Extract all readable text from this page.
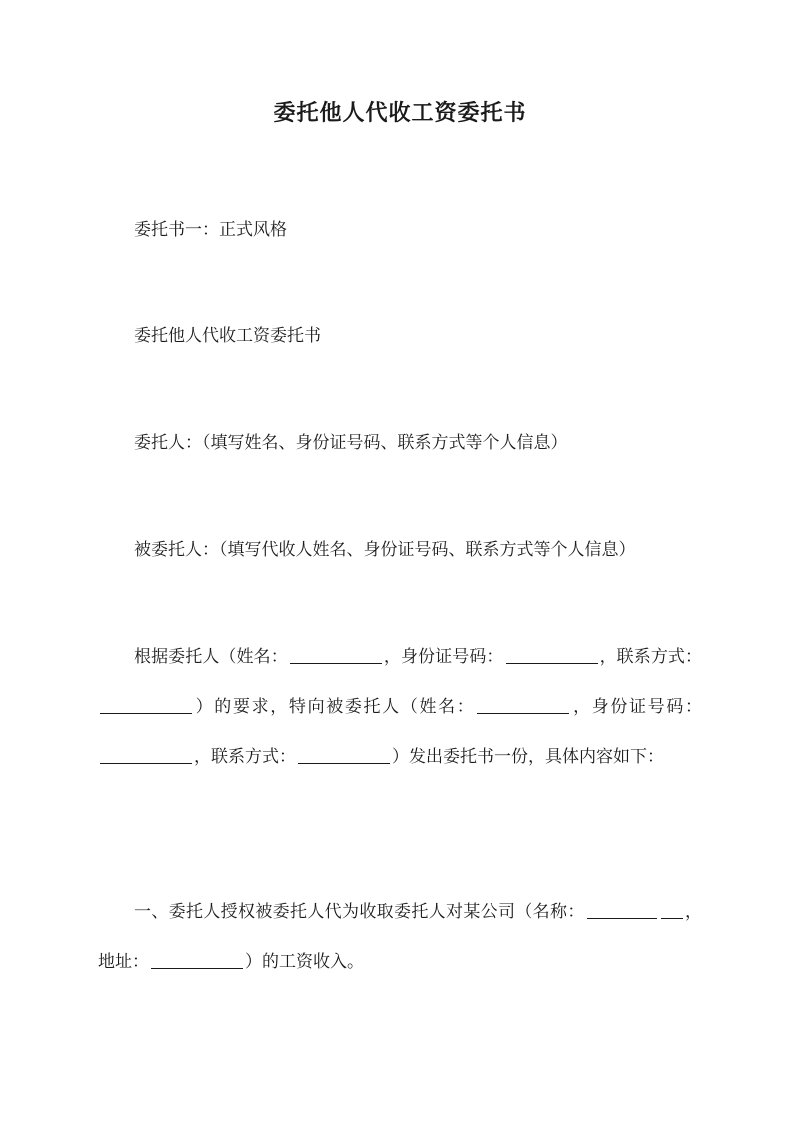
委托他人代收工资委托书

委托书一：正式风格

委托他人代收工资委托书

委托人：（填写姓名、身份证号码、联系方式等个人信息）

被委托人：（填写代收人姓名、身份证号码、联系方式等个人信息）

根据委托人（姓名：	，身份证号码：	，联系方式：）的要求，特向被委托人（姓名：	，身份证号码：，联系方式：	）发出委托书一份，具体内容如下：

一、委托人授权被委托人代为收取委托人对某公司（名称：	，地址：	）的工资收入。
